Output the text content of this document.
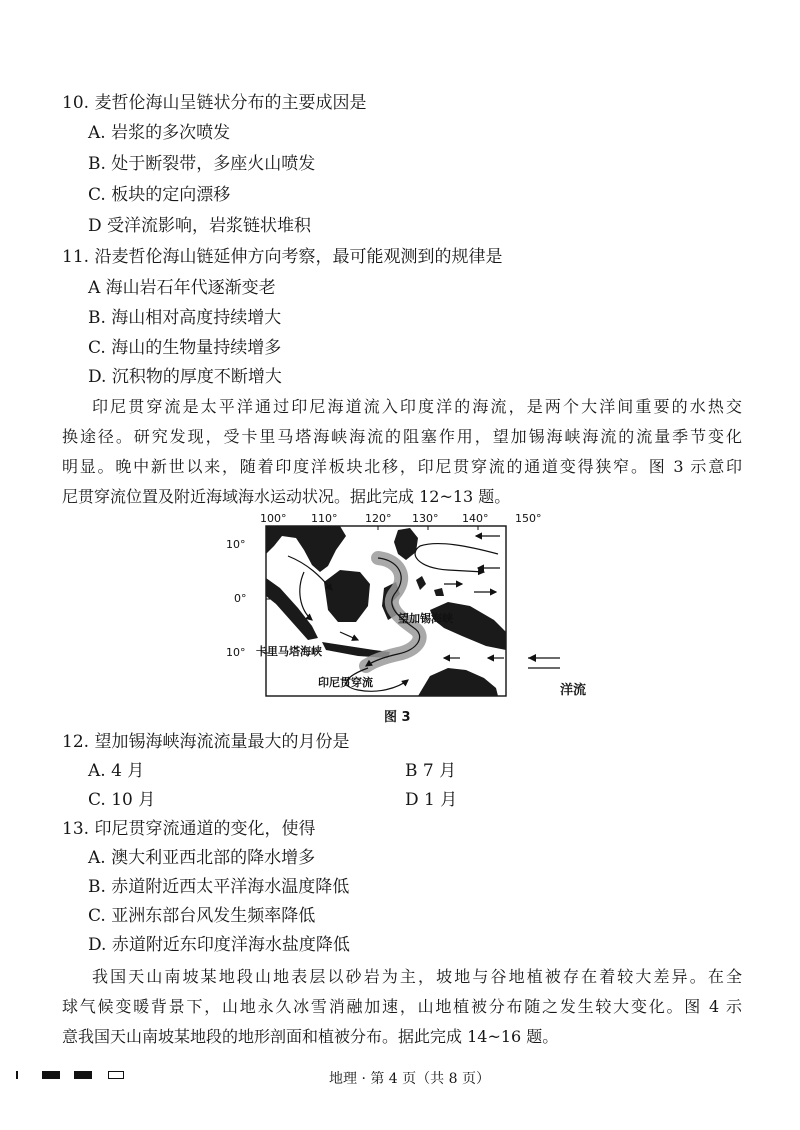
10. 麦哲伦海山呈链状分布的主要成因是
A. 岩浆的多次喷发
B. 处于断裂带，多座火山喷发
C. 板块的定向漂移
D 受洋流影响，岩浆链状堆积
11. 沿麦哲伦海山链延伸方向考察，最可能观测到的规律是
A 海山岩石年代逐渐变老
B. 海山相对高度持续增大
C. 海山的生物量持续增多
D. 沉积物的厚度不断增大
印尼贯穿流是太平洋通过印尼海道流入印度洋的海流，是两个大洋间重要的水热交
换途径。研究发现，受卡里马塔海峡海流的阻塞作用，望加锡海峡海流的流量季节变化
明显。晚中新世以来，随着印度洋板块北移，印尼贯穿流的通道变得狭窄。图 3 示意印
尼贯穿流位置及附近海域海水运动状况。据此完成 12~13 题。
100° 110°	120° 130° 140° 150°
10°
0°
10°
望加锡海峡
卡里马塔海峡
印尼贯穿流
洋流
图 3
12. 望加锡海峡海流流量最大的月份是
A. 4 月	B 7 月
C. 10 月	D 1 月
13. 印尼贯穿流通道的变化，使得
A. 澳大利亚西北部的降水增多
B. 赤道附近西太平洋海水温度降低
C. 亚洲东部台风发生频率降低
D. 赤道附近东印度洋海水盐度降低
我国天山南坡某地段山地表层以砂岩为主，坡地与谷地植被存在着较大差异。在全
球气候变暖背景下，山地永久冰雪消融加速，山地植被分布随之发生较大变化。图 4 示
意我国天山南坡某地段的地形剖面和植被分布。据此完成 14~16 题。
地理 · 第 4 页（共 8 页）
